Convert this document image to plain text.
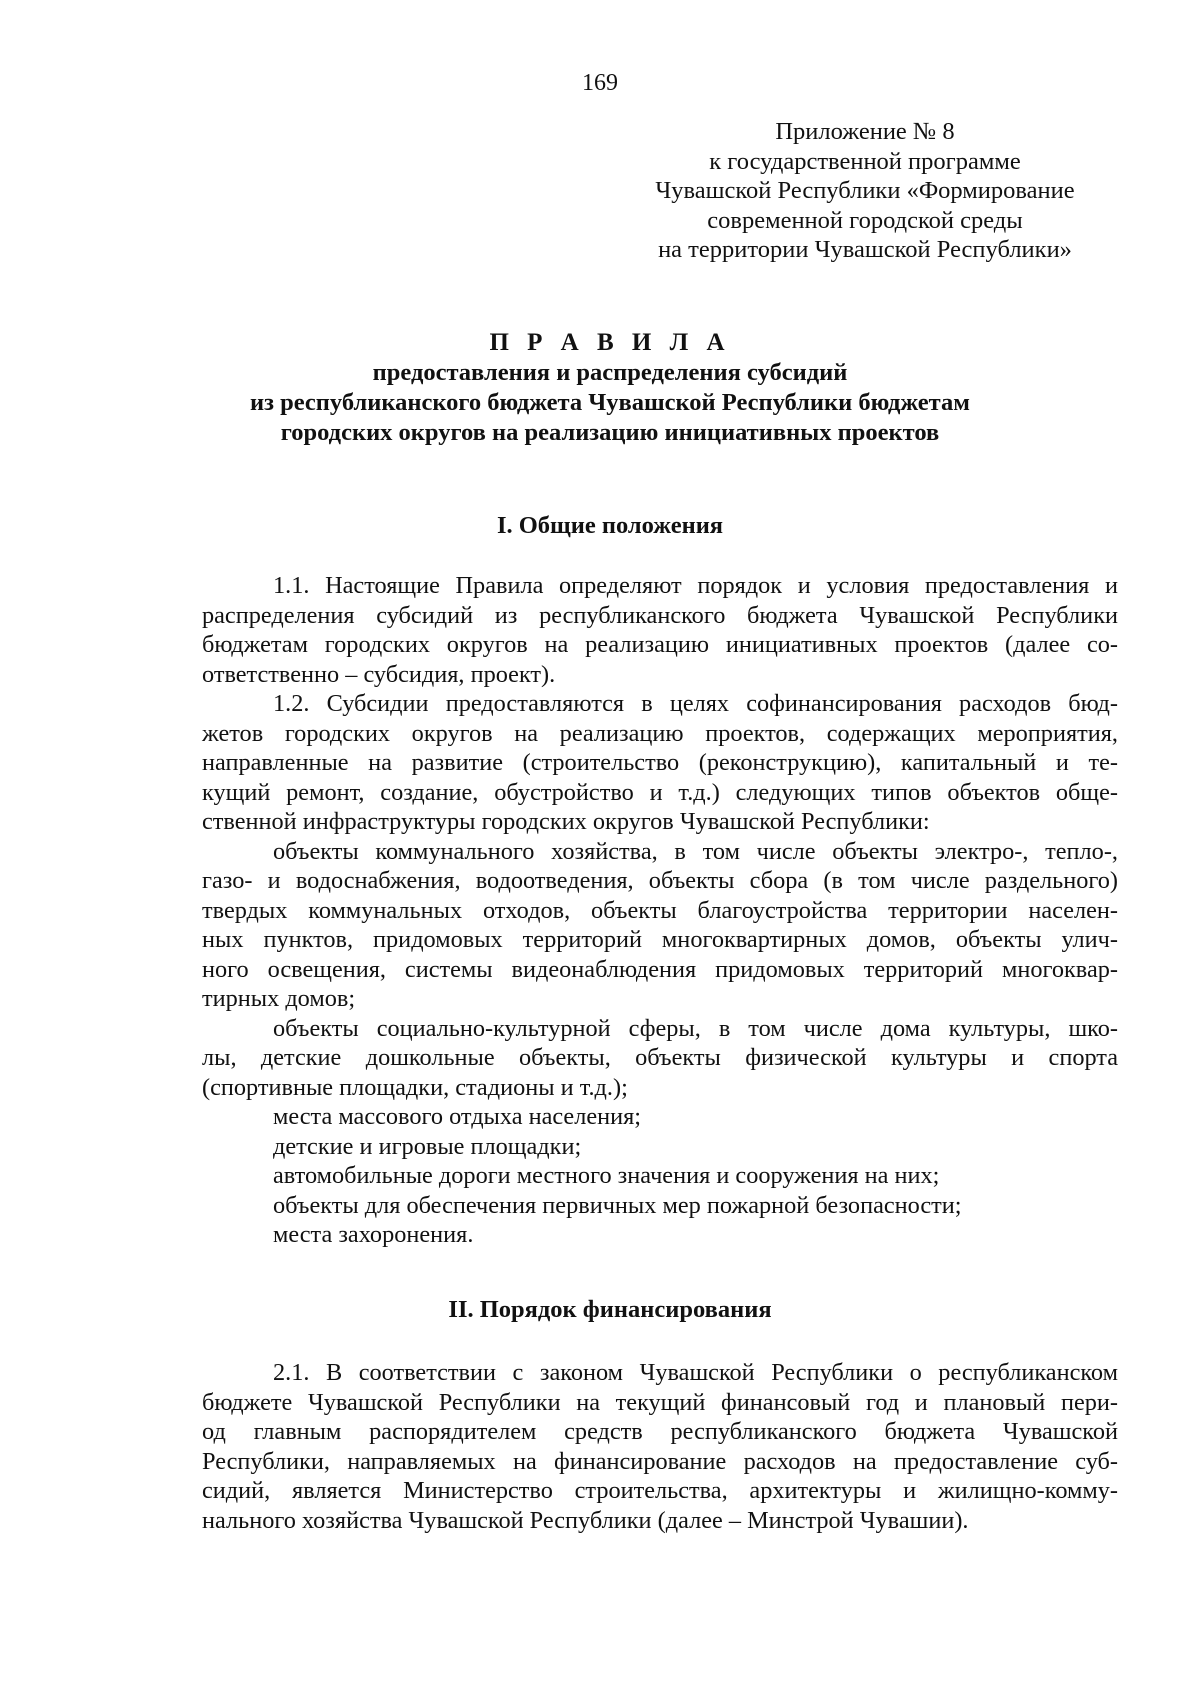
169
Приложение № 8
к государственной программе
Чувашской Республики «Формирование
современной городской среды
на территории Чувашской Республики»
П Р А В И Л А
предоставления и распределения субсидий
из республиканского бюджета Чувашской Республики бюджетам
городских округов на реализацию инициативных проектов
I. Общие положения
1.1. Настоящие Правила определяют порядок и условия предоставления и
распределения субсидий из республиканского бюджета Чувашской Республики
бюджетам городских округов на реализацию инициативных проектов (далее со-
ответственно – субсидия, проект).
1.2. Субсидии предоставляются в целях софинансирования расходов бюд-
жетов городских округов на реализацию проектов, содержащих мероприятия,
направленные на развитие (строительство (реконструкцию), капитальный и те-
кущий ремонт, создание, обустройство и т.д.) следующих типов объектов обще-
ственной инфраструктуры городских округов Чувашской Республики:
объекты коммунального хозяйства, в том числе объекты электро-, тепло-,
газо- и водоснабжения, водоотведения, объекты сбора (в том числе раздельного)
твердых коммунальных отходов, объекты благоустройства территории населен-
ных пунктов, придомовых территорий многоквартирных домов, объекты улич-
ного освещения, системы видеонаблюдения придомовых территорий многоквар-
тирных домов;
объекты социально-культурной сферы, в том числе дома культуры, шко-
лы, детские дошкольные объекты, объекты физической культуры и спорта
(спортивные площадки, стадионы и т.д.);
места массового отдыха населения;
детские и игровые площадки;
автомобильные дороги местного значения и сооружения на них;
объекты для обеспечения первичных мер пожарной безопасности;
места захоронения.
II. Порядок финансирования
2.1. В соответствии с законом Чувашской Республики о республиканском
бюджете Чувашской Республики на текущий финансовый год и плановый пери-
од главным распорядителем средств республиканского бюджета Чувашской
Республики, направляемых на финансирование расходов на предоставление суб-
сидий, является Министерство строительства, архитектуры и жилищно-комму-
нального хозяйства Чувашской Республики (далее – Минстрой Чувашии).
